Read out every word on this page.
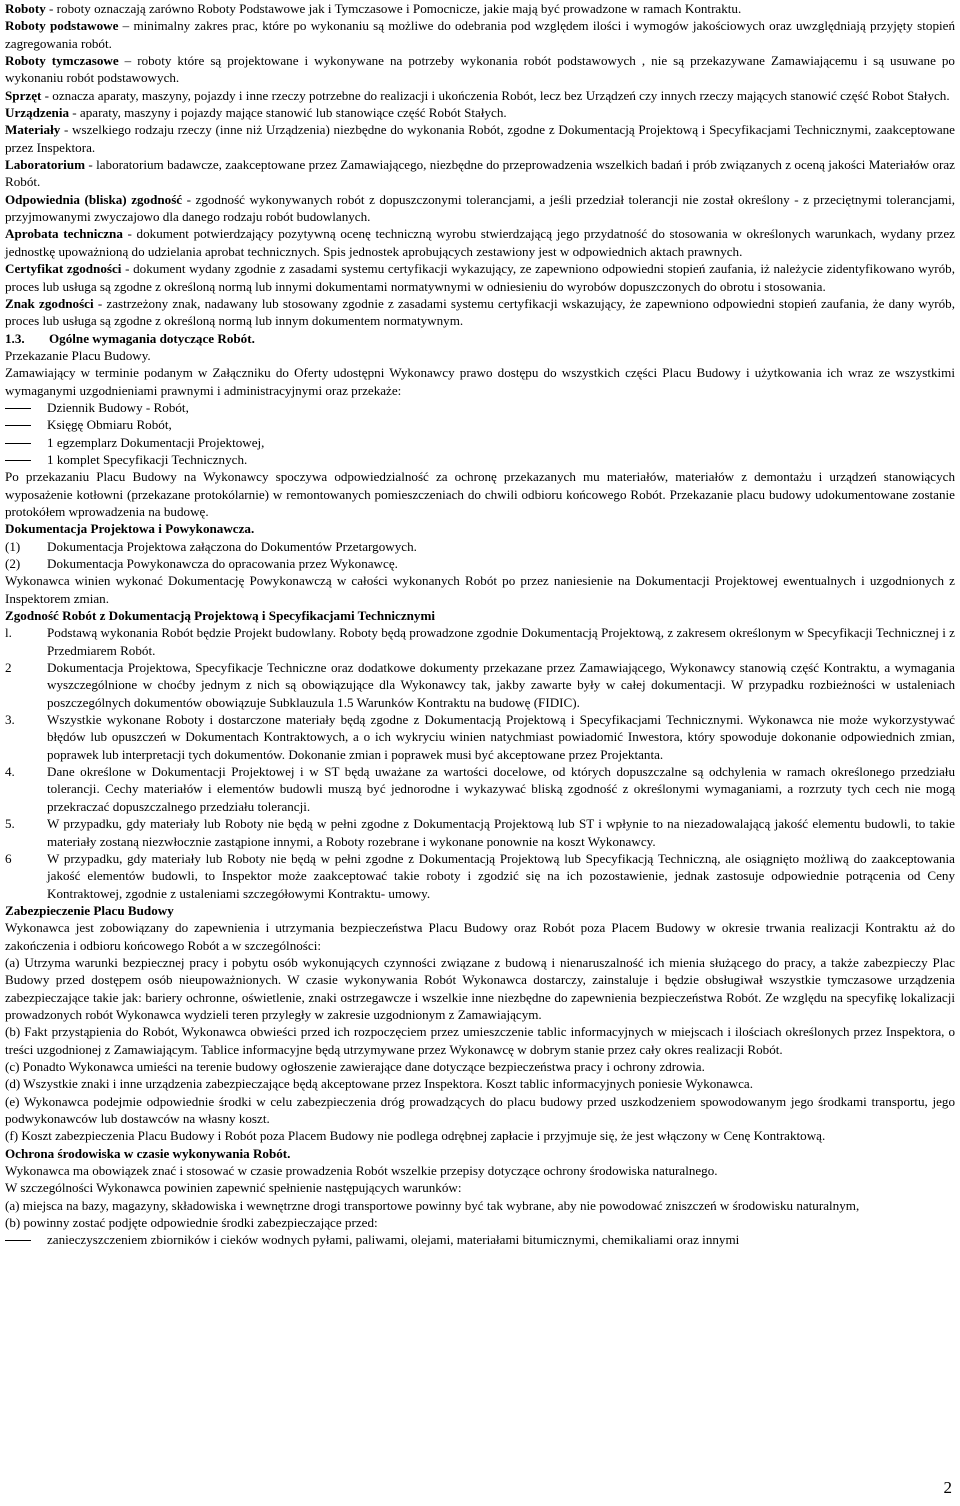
Roboty - roboty oznaczają zarówno Roboty Podstawowe jak i Tymczasowe i Pomocnicze, jakie mają być prowadzone w ramach Kontraktu.

Roboty podstawowe – minimalny zakres prac, które po wykonaniu są możliwe do odebrania pod względem ilości i wymogów jakościowych oraz uwzględniają przyjęty stopień zagregowania robót.

Roboty tymczasowe – roboty które są projektowane i wykonywane na potrzeby wykonania robót podstawowych , nie są przekazywane Zamawiającemu i są usuwane po wykonaniu robót podstawowych.

Sprzęt - oznacza aparaty, maszyny, pojazdy i inne rzeczy potrzebne do realizacji i ukończenia Robót, lecz bez Urządzeń czy innych rzeczy mających stanowić część Robot Stałych.

Urządzenia - aparaty, maszyny i pojazdy mające stanowić lub stanowiące część Robót Stałych.

Materiały - wszelkiego rodzaju rzeczy (inne niż Urządzenia) niezbędne do wykonania Robót, zgodne z Dokumentacją Projektową i Specyfikacjami Technicznymi, zaakceptowane przez Inspektora.

Laboratorium - laboratorium badawcze, zaakceptowane przez Zamawiającego, niezbędne do przeprowadzenia wszelkich badań i prób związanych z oceną jakości Materiałów oraz Robót.

Odpowiednia (bliska) zgodność - zgodność wykonywanych robót z dopuszczonymi tolerancjami, a jeśli przedział tolerancji nie został określony - z przeciętnymi tolerancjami, przyjmowanymi zwyczajowo dla danego rodzaju robót budowlanych.

Aprobata techniczna - dokument potwierdzający pozytywną ocenę techniczną wyrobu stwierdzającą jego przydatność do stosowania w określonych warunkach, wydany przez jednostkę upoważnioną do udzielania aprobat technicznych. Spis jednostek aprobujących zestawiony jest w odpowiednich aktach prawnych.

Certyfikat zgodności - dokument wydany zgodnie z zasadami systemu certyfikacji wykazujący, ze zapewniono odpowiedni stopień zaufania, iż należycie zidentyfikowano wyrób, proces lub usługa są zgodne z określoną normą lub innymi dokumentami normatywnymi w odniesieniu do wyrobów dopuszczonych do obrotu i stosowania.

Znak zgodności - zastrzeżony znak, nadawany lub stosowany zgodnie z zasadami systemu certyfikacji wskazujący, że zapewniono odpowiedni stopień zaufania, że dany wyrób, proces lub usługa są zgodne z określoną normą lub innym dokumentem normatywnym.

1.3. Ogólne wymagania dotyczące Robót.

Przekazanie Placu Budowy.

Zamawiający w terminie podanym w Załączniku do Oferty udostępni Wykonawcy prawo dostępu do wszystkich części Placu Budowy i użytkowania ich wraz ze wszystkimi wymaganymi uzgodnieniami prawnymi i administracyjnymi oraz przekaże:

Dziennik Budowy - Robót,
Księgę Obmiaru Robót,
1 egzemplarz Dokumentacji Projektowej,
1 komplet Specyfikacji Technicznych.

Po przekazaniu Placu Budowy na Wykonawcy spoczywa odpowiedzialność za ochronę przekazanych mu materiałów, materiałów z demontażu i urządzeń stanowiących wyposażenie kotłowni (przekazane protokólarnie) w remontowanych pomieszczeniach do chwili odbioru końcowego Robót. Przekazanie placu budowy udokumentowane zostanie protokółem wprowadzenia na budowę.

Dokumentacja Projektowa i Powykonawcza.

(1) Dokumentacja Projektowa załączona do Dokumentów Przetargowych.
(2) Dokumentacja Powykonawcza do opracowania przez Wykonawcę.

Wykonawca winien wykonać Dokumentację Powykonawczą w całości wykonanych Robót po przez naniesienie na Dokumentacji Projektowej ewentualnych i uzgodnionych z Inspektorem zmian.

Zgodność Robót z Dokumentacją Projektową i Specyfikacjami Technicznymi

l.	Podstawą wykonania Robót będzie Projekt budowlany. Roboty będą prowadzone zgodnie Dokumentacją Projektową, z zakresem określonym w Specyfikacji Technicznej i z Przedmiarem Robót.
2	Dokumentacja Projektowa, Specyfikacje Techniczne oraz dodatkowe dokumenty przekazane przez Zamawiającego, Wykonawcy stanowią część Kontraktu, a wymagania wyszczególnione w choćby jednym z nich są obowiązujące dla Wykonawcy tak, jakby zawarte były w całej dokumentacji. W przypadku rozbieżności w ustaleniach poszczególnych dokumentów obowiązuje Subklauzula 1.5 Warunków Kontraktu na budowę (FIDIC).
3. Wszystkie wykonane Roboty i dostarczone materiały będą zgodne z Dokumentacją Projektową i Specyfikacjami Technicznymi. Wykonawca nie może wykorzystywać błędów lub opuszczeń w Dokumentach Kontraktowych, a o ich wykryciu winien natychmiast powiadomić Inwestora, który spowoduje dokonanie odpowiednich zmian, poprawek lub interpretacji tych dokumentów. Dokonanie zmian i poprawek musi być akceptowane przez Projektanta.
4. Dane określone w Dokumentacji Projektowej i w ST będą uważane za wartości docelowe, od których dopuszczalne są odchylenia w ramach określonego przedziału tolerancji. Cechy materiałów i elementów budowli muszą być jednorodne i wykazywać bliską zgodność z określonymi wymaganiami, a rozrzuty tych cech nie mogą przekraczać dopuszczalnego przedziału tolerancji.
5. W przypadku, gdy materiały lub Roboty nie będą w pełni zgodne z Dokumentacją Projektową lub ST i wpłynie to na niezadowalającą jakość elementu budowli, to takie materiały zostaną niezwłocznie zastąpione innymi, a Roboty rozebrane i wykonane ponownie na koszt Wykonawcy.
6	W przypadku, gdy materiały lub Roboty nie będą w pełni zgodne z Dokumentacją Projektową lub Specyfikacją Techniczną, ale osiągnięto możliwą do zaakceptowania jakość elementów budowli, to Inspektor może zaakceptować takie roboty i zgodzić się na ich pozostawienie, jednak zastosuje odpowiednie potrącenia od Ceny Kontraktowej, zgodnie z ustaleniami szczegółowymi Kontraktu- umowy.

Zabezpieczenie Placu Budowy

Wykonawca jest zobowiązany do zapewnienia i utrzymania bezpieczeństwa Placu Budowy oraz Robót poza Placem Budowy w okresie trwania realizacji Kontraktu aż do zakończenia i odbioru końcowego Robót a w szczególności:

(a) Utrzyma warunki bezpiecznej pracy i pobytu osób wykonujących czynności związane z budową i nienaruszalność ich mienia służącego do pracy, a także zabezpieczy Plac Budowy przed dostępem osób nieupoważnionych. W czasie wykonywania Robót Wykonawca dostarczy, zainstaluje i będzie obsługiwał wszystkie tymczasowe urządzenia zabezpieczające takie jak: bariery ochronne, oświetlenie, znaki ostrzegawcze i wszelkie inne niezbędne do zapewnienia bezpieczeństwa Robót. Ze względu na specyfikę lokalizacji prowadzonych robót Wykonawca wydzieli teren przyległy w zakresie uzgodnionym z Zamawiającym.

(b) Fakt przystąpienia do Robót, Wykonawca obwieści przed ich rozpoczęciem przez umieszczenie tablic informacyjnych w miejscach i ilościach określonych przez Inspektora, o treści uzgodnionej z Zamawiającym. Tablice informacyjne będą utrzymywane przez Wykonawcę w dobrym stanie przez cały okres realizacji Robót.

(c) Ponadto Wykonawca umieści na terenie budowy ogłoszenie zawierające dane dotyczące bezpieczeństwa pracy i ochrony zdrowia.

(d) Wszystkie znaki i inne urządzenia zabezpieczające będą akceptowane przez Inspektora. Koszt tablic informacyjnych poniesie Wykonawca.

(e) Wykonawca podejmie odpowiednie środki w celu zabezpieczenia dróg prowadzących do placu budowy przed uszkodzeniem spowodowanym jego środkami transportu, jego podwykonawców lub dostawców na własny koszt.

(f) Koszt zabezpieczenia Placu Budowy i Robót poza Placem Budowy nie podlega odrębnej zapłacie i przyjmuje się, że jest włączony w Cenę Kontraktową.

Ochrona środowiska w czasie wykonywania Robót.

Wykonawca ma obowiązek znać i stosować w czasie prowadzenia Robót wszelkie przepisy dotyczące ochrony środowiska naturalnego.

W szczególności Wykonawca powinien zapewnić spełnienie następujących warunków:

(a) miejsca na bazy, magazyny, składowiska i wewnętrzne drogi transportowe powinny być tak wybrane, aby nie powodować zniszczeń w środowisku naturalnym,

(b) powinny zostać podjęte odpowiednie środki zabezpieczające przed:

zanieczyszczeniem zbiorników i cieków wodnych pyłami, paliwami, olejami, materiałami bitumicznymi, chemikaliami oraz innymi
2
